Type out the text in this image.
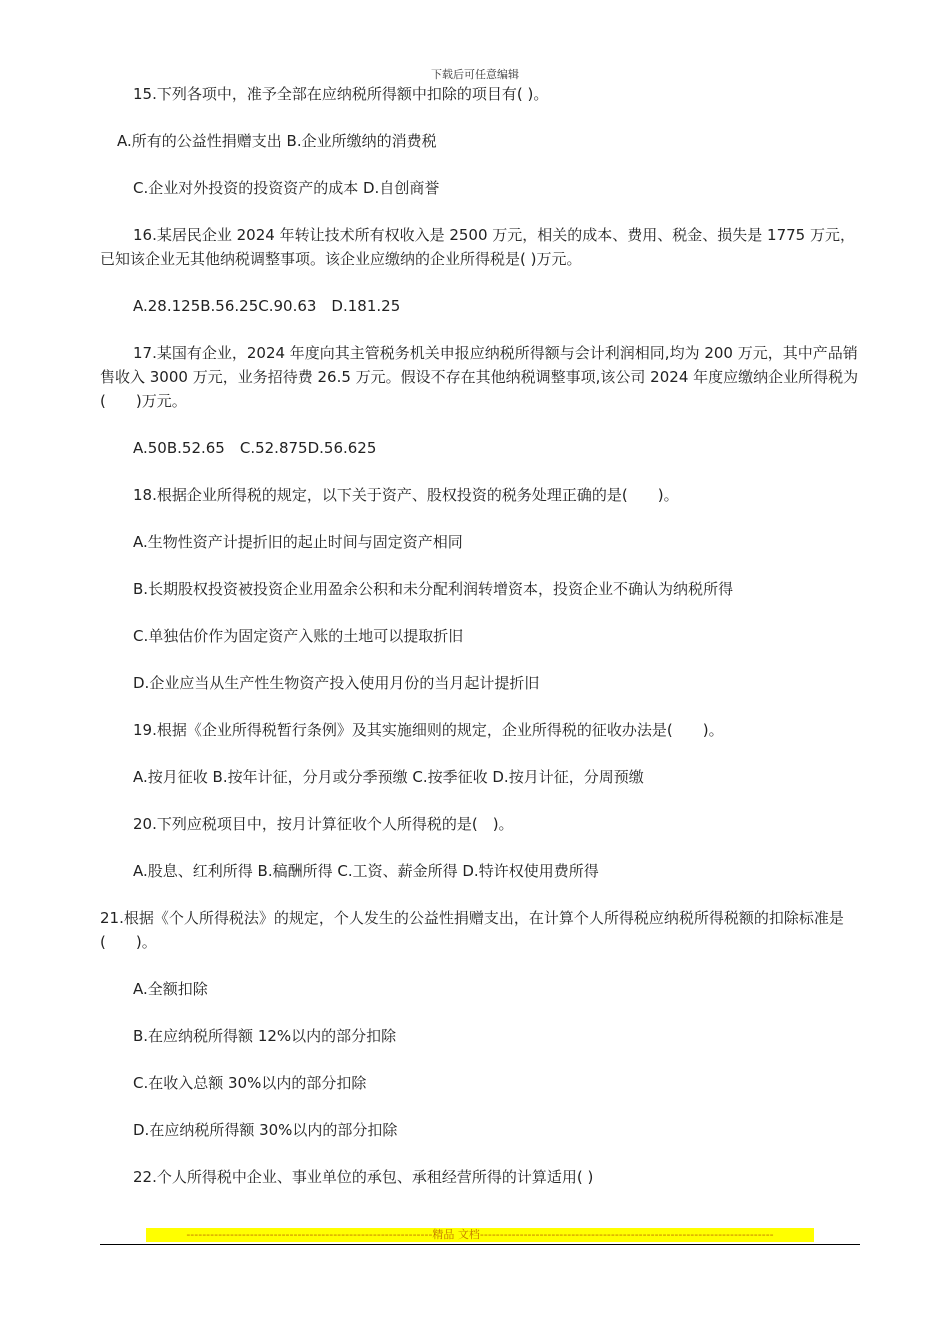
下载后可任意编辑

15.下列各项中，准予全部在应纳税所得额中扣除的项目有( )。

A.所有的公益性捐赠支出 B.企业所缴纳的消费税

C.企业对外投资的投资资产的成本 D.自创商誉

16.某居民企业 2024 年转让技术所有权收入是 2500 万元，相关的成本、费用、税金、损失是 1775 万元，已知该企业无其他纳税调整事项。该企业应缴纳的企业所得税是( )万元。

A.28.125B.56.25C.90.63　D.181.25

17.某国有企业，2024 年度向其主管税务机关申报应纳税所得额与会计利润相同,均为 200 万元，其中产品销售收入 3000 万元，业务招待费 26.5 万元。假设不存在其他纳税调整事项,该公司 2024 年度应缴纳企业所得税为(　　)万元。

A.50B.52.65　C.52.875D.56.625

18.根据企业所得税的规定，以下关于资产、股权投资的税务处理正确的是(　　)。

A.生物性资产计提折旧的起止时间与固定资产相同

B.长期股权投资被投资企业用盈余公积和未分配利润转增资本，投资企业不确认为纳税所得

C.单独估价作为固定资产入账的土地可以提取折旧

D.企业应当从生产性生物资产投入使用月份的当月起计提折旧

19.根据《企业所得税暂行条例》及其实施细则的规定，企业所得税的征收办法是(　　)。

A.按月征收 B.按年计征，分月或分季预缴 C.按季征收 D.按月计征，分周预缴

20.下列应税项目中，按月计算征收个人所得税的是(　)。

A.股息、红利所得 B.稿酬所得 C.工资、薪金所得 D.特许权使用费所得

21.根据《个人所得税法》的规定，个人发生的公益性捐赠支出，在计算个人所得税应纳税所得税额的扣除标准是(　　)。

A.全额扣除

B.在应纳税所得额 12%以内的部分扣除

C.在收入总额 30%以内的部分扣除

D.在应纳税所得额 30%以内的部分扣除

22.个人所得税中企业、事业单位的承包、承租经营所得的计算适用( )

--------------------------------------------------------------精品 文档--------------------------------------------------------------------------
